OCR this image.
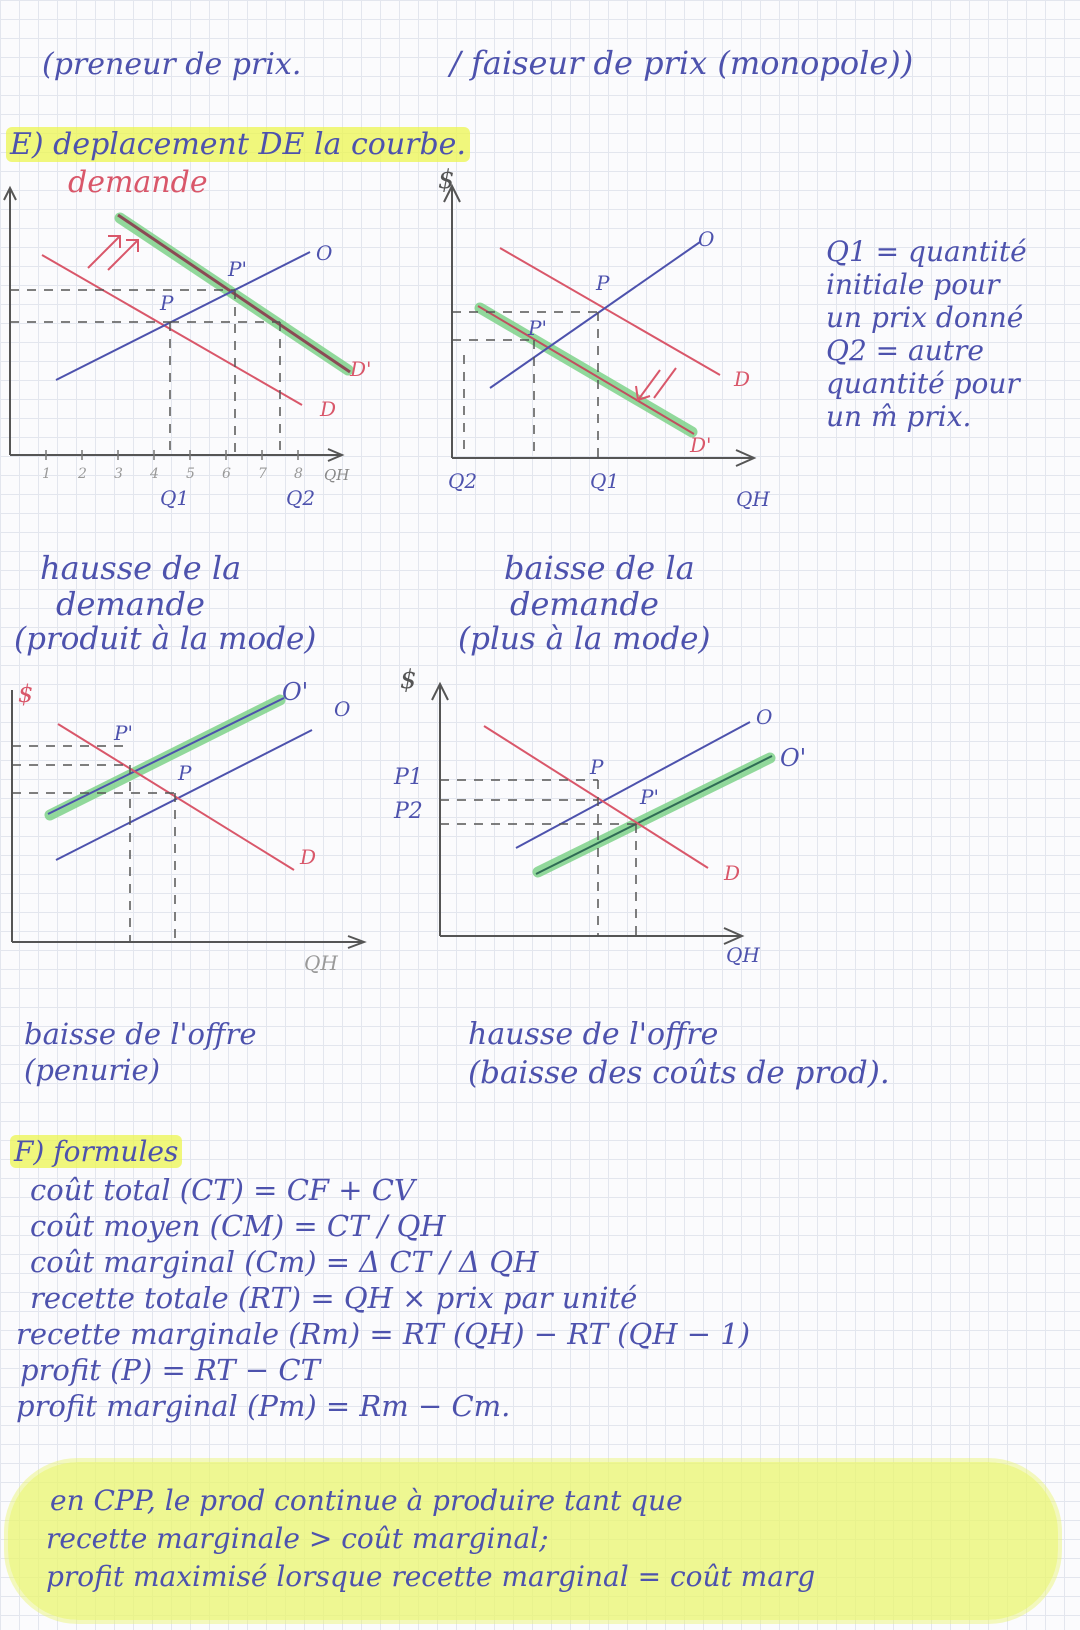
(preneur de prix.	/ faiseur de prix (monopole))
E) deplacement DE la courbe.
demande
1 2 3 4 5 6 7 8
P
P'
O
Q1	Q2
QH
D'
D
$
P
P'
O
Q2	Q1
QH
D
D'
Q1 = quantité
initiale pour
un prix donné
Q2 = autre
quantité pour
un m̂ prix.
hausse de la
demande
(produit à la mode)
baisse de la
demande
(plus à la mode)
$
P'
P
O'
O
QH
D
$
P1
P2
P
P'
O
O'
QH
D
baisse de l'offre
(penurie)
hausse de l'offre
(baisse des coûts de prod).
F) formules
coût total (CT) = CF + CV
coût moyen (CM) = CT / QH
coût marginal (Cm) = Δ CT / Δ QH
recette totale (RT) = QH × prix par unité
recette marginale (Rm) = RT (QH) − RT (QH − 1)
profit (P) = RT − CT
profit marginal (Pm) = Rm − Cm.
en CPP, le prod continue à produire tant que
recette marginale > coût marginal;
profit maximisé lorsque recette marginal = coût marg
